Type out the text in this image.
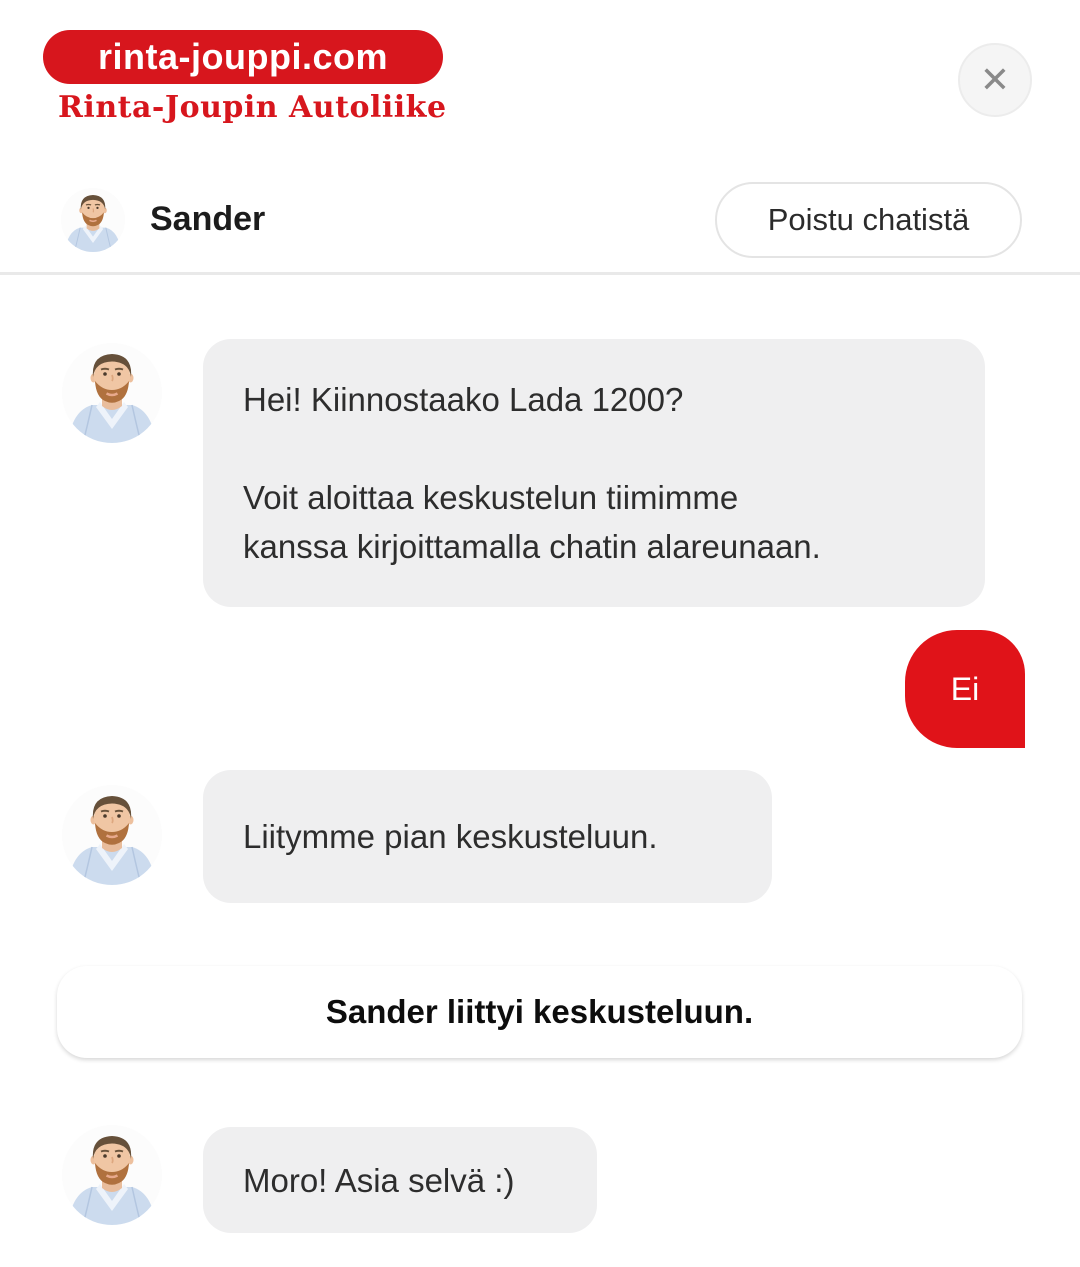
rinta-jouppi.com
Rinta-Joupin Autoliike
✕
Sander	Poistu chatistä

Hei! Kiinnostaako Lada 1200?

Voit aloittaa keskustelun tiimimme
kanssa kirjoittamalla chatin alareunaan.

Ei
Liitymme pian keskusteluun.
Sander liittyi keskusteluun.
Moro! Asia selvä :)
